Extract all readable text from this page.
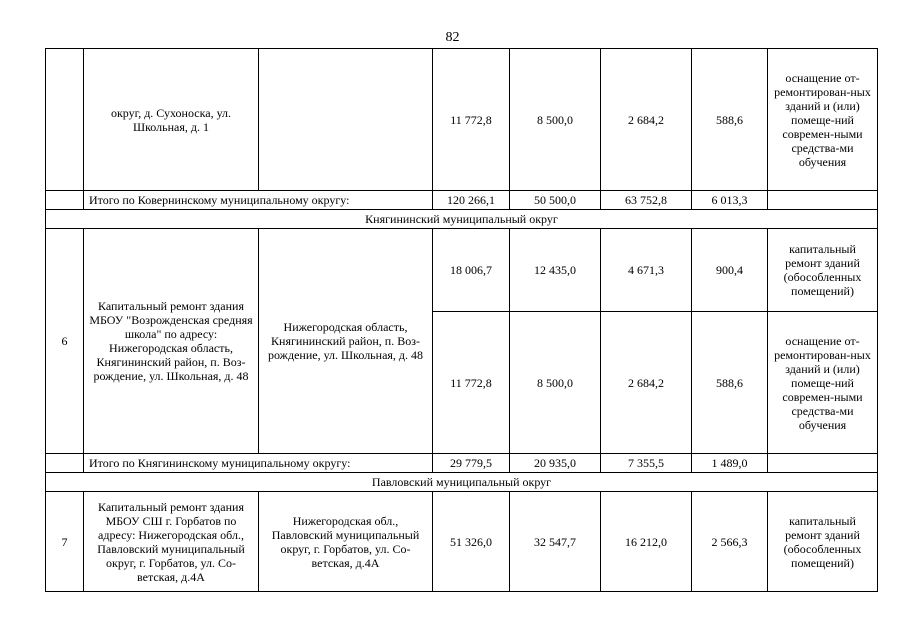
82
	округ, д. Сухоноска, ул. Школьная, д. 1		11 772,8	8 500,0	2 684,2	588,6	оснащение от-ремонтирован-ных зданий и (или) помеще-ний современ-ными средства-ми обучения
	Итого по Ковернинскому муниципальному округу:		120 266,1	50 500,0	63 752,8	6 013,3	
Княгининский муниципальный округ							
6	Капитальный ремонт здания МБОУ "Возрожденская средняя школа" по адресу: Нижегородская область, Княгининский район, п. Воз-рождение, ул. Школьная, д. 48	Нижегородская область, Княгининский район, п. Воз-рождение, ул. Школьная, д. 48	18 006,7	12 435,0	4 671,3	900,4	капитальный ремонт зданий (обособленных помещений)
			11 772,8	8 500,0	2 684,2	588,6	оснащение от-ремонтирован-ных зданий и (или) помеще-ний современ-ными средства-ми обучения
	Итого по Княгининскому муниципальному округу:		29 779,5	20 935,0	7 355,5	1 489,0	
Павловский муниципальный округ							
7	Капитальный ремонт здания МБОУ СШ г. Горбатов по адресу: Нижегородская обл., Павловский муниципальный округ, г. Горбатов, ул. Со-ветская, д.4А	Нижегородская обл., Павловский муниципальный округ, г. Горбатов, ул. Со-ветская, д.4А	51 326,0	32 547,7	16 212,0	2 566,3	капитальный ремонт зданий (обособленных помещений)
